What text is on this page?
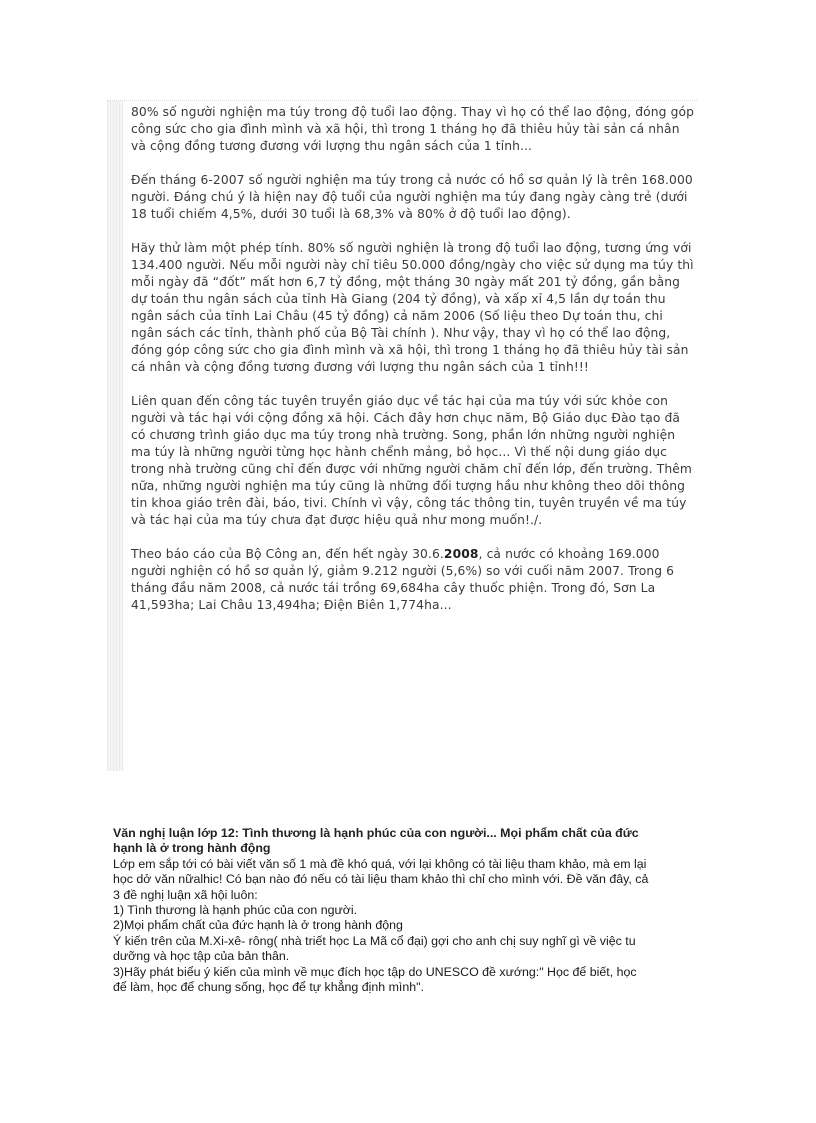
80% số người nghiện ma túy trong độ tuổi lao động. Thay vì họ có thể lao động, đóng góp công sức cho gia đình mình và xã hội, thì trong 1 tháng họ đã thiêu hủy tài sản cá nhân và cộng đồng tương đương với lượng thu ngân sách của 1 tỉnh...

Đến tháng 6-2007 số người nghiện ma túy trong cả nước có hồ sơ quản lý là trên 168.000 người. Đáng chú ý là hiện nay độ tuổi của người nghiện ma túy đang ngày càng trẻ (dưới 18 tuổi chiếm 4,5%, dưới 30 tuổi là 68,3% và 80% ở độ tuổi lao động).

Hãy thử làm một phép tính. 80% số người nghiện là trong độ tuổi lao động, tương ứng với 134.400 người. Nếu mỗi người này chỉ tiêu 50.000 đồng/ngày cho việc sử dụng ma túy thì mỗi ngày đã “đốt” mất hơn 6,7 tỷ đồng, một tháng 30 ngày mất 201 tỷ đồng, gần bằng dự toán thu ngân sách của tỉnh Hà Giang (204 tỷ đồng), và xấp xỉ 4,5 lần dự toán thu ngân sách của tỉnh Lai Châu (45 tỷ đồng) cả năm 2006 (Số liệu theo Dự toán thu, chi ngân sách các tỉnh, thành phố của Bộ Tài chính ). Như vậy, thay vì họ có thể lao động, đóng góp công sức cho gia đình mình và xã hội, thì trong 1 tháng họ đã thiêu hủy tài sản cá nhân và cộng đồng tương đương với lượng thu ngân sách của 1 tỉnh!!!

Liên quan đến công tác tuyên truyền giáo dục về tác hại của ma túy với sức khỏe con người và tác hại với cộng đồng xã hội. Cách đây hơn chục năm, Bộ Giáo dục Đào tạo đã có chương trình giáo dục ma túy trong nhà trường. Song, phần lớn những người nghiện ma túy là những người từng học hành chểnh mảng, bỏ học... Vì thế nội dung giáo dục trong nhà trường cũng chỉ đến được với những người chăm chỉ đến lớp, đến trường. Thêm nữa, những người nghiện ma túy cũng là những đối tượng hầu như không theo dõi thông tin khoa giáo trên đài, báo, tivi. Chính vì vậy, công tác thông tin, tuyên truyền về ma túy và tác hại của ma túy chưa đạt được hiệu quả như mong muốn!./.

Theo báo cáo của Bộ Công an, đến hết ngày 30.6.2008, cả nước có khoảng 169.000 người nghiện có hồ sơ quản lý, giảm 9.212 người (5,6%) so với cuối năm 2007. Trong 6 tháng đầu năm 2008, cả nước tái trồng 69,684ha cây thuốc phiện. Trong đó, Sơn La 41,593ha; Lai Châu 13,494ha; Điện Biên 1,774ha...

Văn nghị luận lớp 12: Tình thương là hạnh phúc của con người... Mọi phẩm chất của đức hạnh là ở trong hành động

Lớp em sắp tới có bài viết văn số 1 mà đề khó quá, với lại không có tài liệu tham khảo, mà em lại học dở văn nữalhic! Có bạn nào đó nếu có tài liệu tham khảo thì chỉ cho mình với. Đề văn đây, cả 3 đề nghị luận xã hội luôn:

1) Tình thương là hạnh phúc của con người.

2)Mọi phẩm chất của đức hạnh là ở trong hành động

Ý kiến trên của M.Xi-xê- rông( nhà triết học La Mã cổ đại) gợi cho anh chị suy nghĩ gì về việc tu dưỡng và học tập của bản thân.

3)Hãy phát biểu ý kiến của mình về mục đích học tập do UNESCO đề xướng:" Học để biết, học để làm, học để chung sống, học để tự khẳng định mình".
